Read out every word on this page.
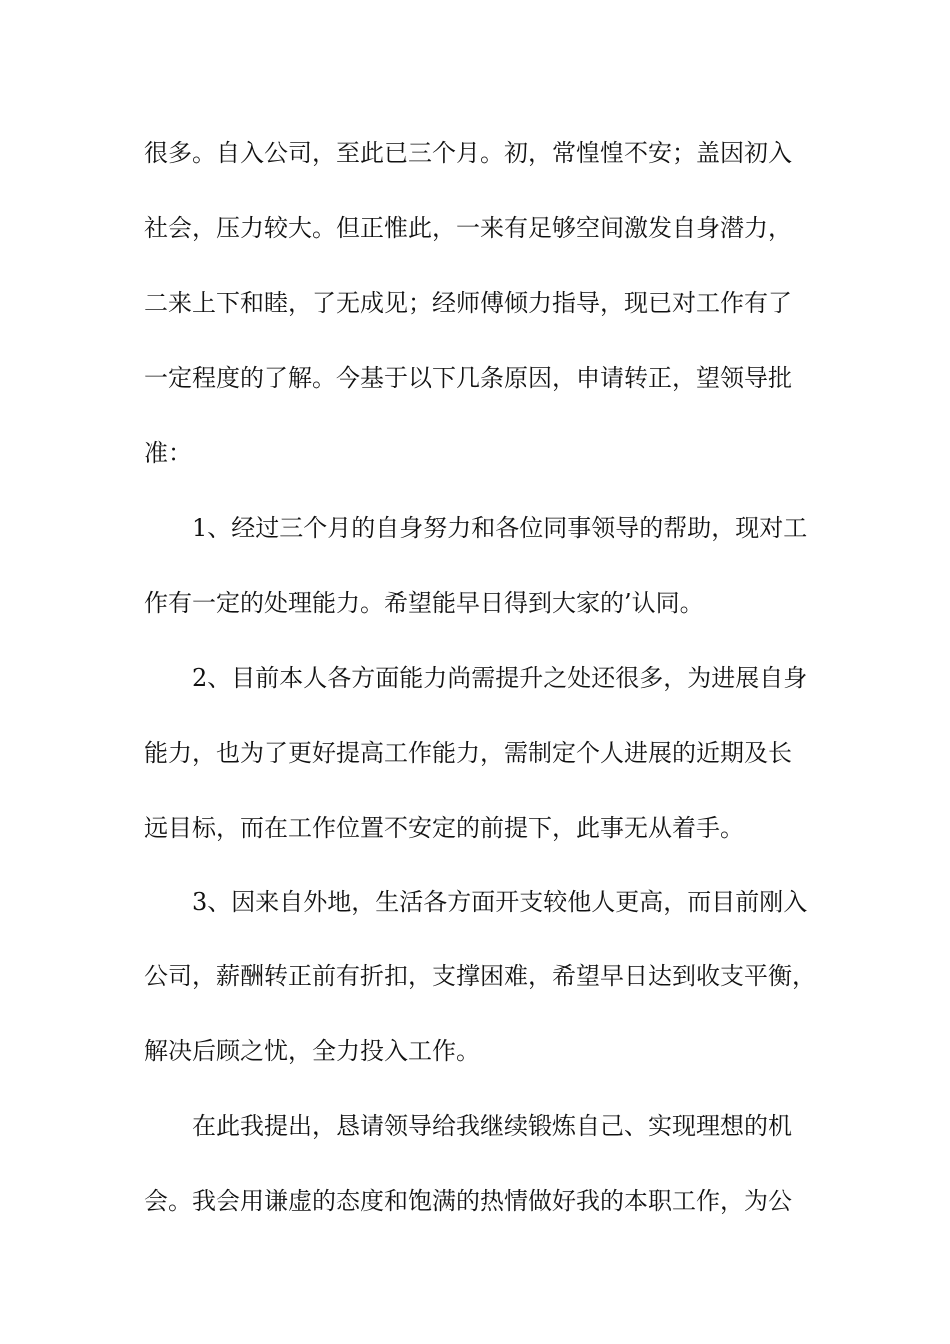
很多。自入公司，至此已三个月。初，常惶惶不安；盖因初入
社会，压力较大。但正惟此，一来有足够空间激发自身潜力，
二来上下和睦，了无成见；经师傅倾力指导，现已对工作有了
一定程度的了解。今基于以下几条原因，申请转正，望领导批
准：
1、经过三个月的自身努力和各位同事领导的帮助，现对工
作有一定的处理能力。希望能早日得到大家的’认同。
2、目前本人各方面能力尚需提升之处还很多，为进展自身
能力，也为了更好提高工作能力，需制定个人进展的近期及长
远目标，而在工作位置不安定的前提下，此事无从着手。
3、因来自外地，生活各方面开支较他人更高，而目前刚入
公司，薪酬转正前有折扣，支撑困难，希望早日达到收支平衡，
解决后顾之忧，全力投入工作。
在此我提出，恳请领导给我继续锻炼自己、实现理想的机
会。我会用谦虚的态度和饱满的热情做好我的本职工作，为公
